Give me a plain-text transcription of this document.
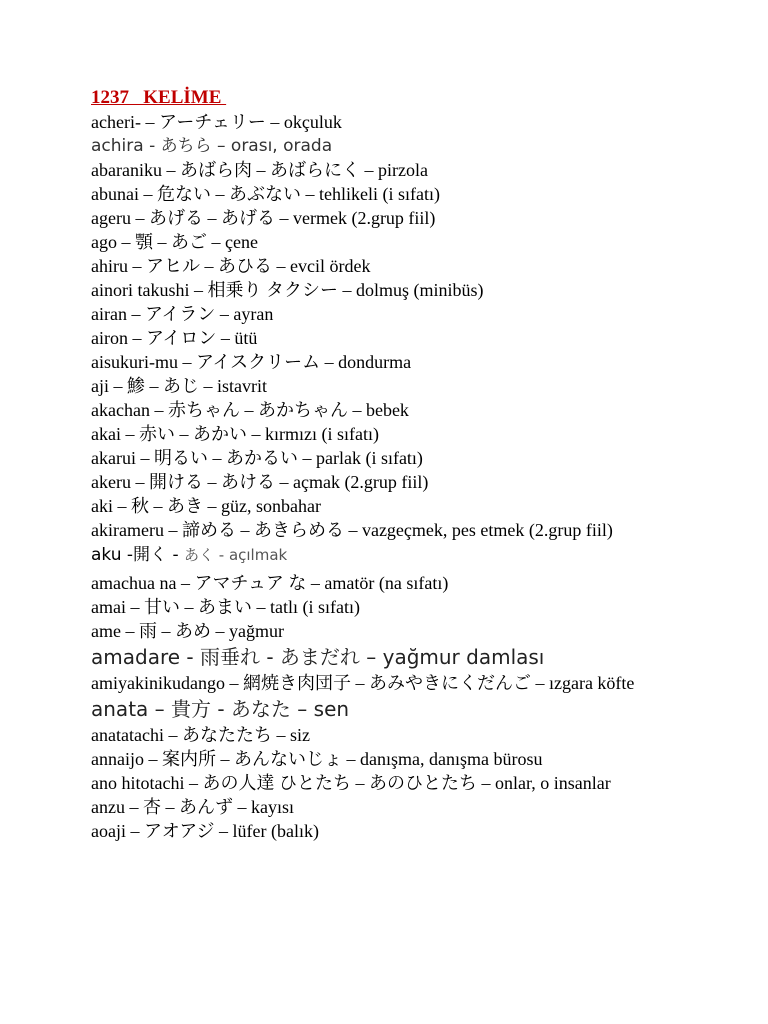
1237   KELİME

acheri- – アーチェリー – okçuluk

achira - あちら – orası, orada

abaraniku – あばら肉 – あばらにく – pirzola

abunai – 危ない – あぶない – tehlikeli (i sıfatı)

ageru – あげる – あげる – vermek (2.grup fiil)

ago – 顎 – あご – çene

ahiru – アヒル – あひる – evcil ördek

ainori takushi – 相乗り タクシー – dolmuş (minibüs)

airan – アイラン – ayran

airon – アイロン – ütü

aisukuri-mu – アイスクリーム – dondurma

aji – 鯵 – あじ – istavrit

akachan – 赤ちゃん – あかちゃん – bebek

akai – 赤い – あかい – kırmızı (i sıfatı)

akarui – 明るい – あかるい – parlak (i sıfatı)

akeru – 開ける – あける – açmak (2.grup fiil)

aki – 秋 – あき – güz, sonbahar

akirameru – 諦める – あきらめる – vazgeçmek, pes etmek (2.grup fiil)

aku -開く - あく - açılmak

amachua na – アマチュア な – amatör (na sıfatı)

amai – 甘い – あまい – tatlı (i sıfatı)

ame – 雨 – あめ – yağmur

amadare - 雨垂れ - あまだれ – yağmur damlası

amiyakinikudango – 網焼き肉団子 – あみやきにくだんご – ızgara köfte

anata – 貴方 - あなた – sen

anatatachi – あなたたち – siz

annaijo – 案内所 – あんないじょ – danışma, danışma bürosu

ano hitotachi – あの人達 ひとたち – あのひとたち – onlar, o insanlar

anzu – 杏 – あんず – kayısı

aoaji – アオアジ – lüfer (balık)
